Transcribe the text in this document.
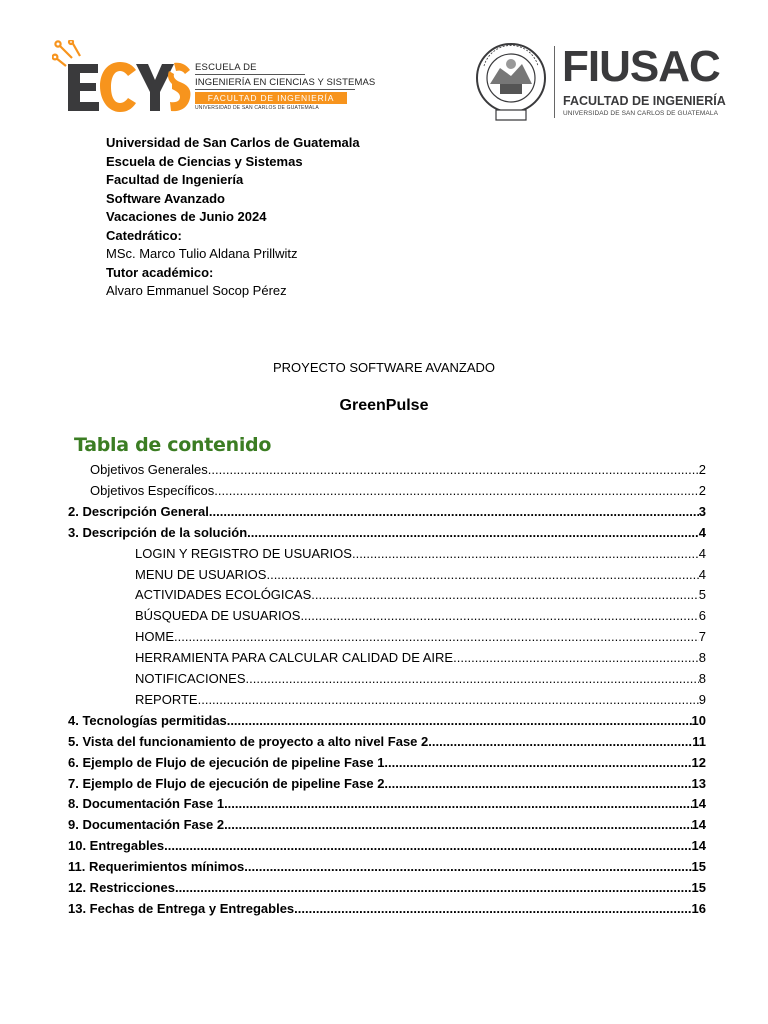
ESCUELA DE
INGENIERÍA EN CIENCIAS Y SISTEMAS
FACULTAD DE INGENIERÍA
UNIVERSIDAD DE SAN CARLOS DE GUATEMALA
FIUSAC
FACULTAD DE INGENIERÍA
UNIVERSIDAD DE SAN CARLOS DE GUATEMALA
Universidad de San Carlos de Guatemala
Escuela de Ciencias y Sistemas
Facultad de Ingeniería
Software Avanzado
Vacaciones de Junio 2024
Catedrático:
MSc. Marco Tulio Aldana Prillwitz
Tutor académico:
Alvaro Emmanuel Socop Pérez
PROYECTO SOFTWARE AVANZADO
GreenPulse
Tabla de contenido
Objetivos Generales .....	2
Objetivos Específicos .....	2
2. Descripción General .....	3
3. Descripción de la solución .....	4
LOGIN Y REGISTRO DE USUARIOS .....	4
MENU DE USUARIOS .....	4
ACTIVIDADES ECOLÓGICAS .....	5
BÚSQUEDA DE USUARIOS .....	6
HOME .....	7
HERRAMIENTA PARA CALCULAR CALIDAD DE AIRE .....	8
NOTIFICACIONES .....	8
REPORTE .....	9
4. Tecnologías permitidas .....	10
5. Vista del funcionamiento de proyecto a alto nivel Fase 2 .....	11
6. Ejemplo de Flujo de ejecución de pipeline Fase 1 .....	12
7. Ejemplo de Flujo de ejecución de pipeline Fase 2 .....	13
8. Documentación Fase 1 .....	14
9. Documentación Fase 2 .....	14
10. Entregables .....	14
11. Requerimientos mínimos .....	15
12. Restricciones .....	15
13. Fechas de Entrega y Entregables .....	16
